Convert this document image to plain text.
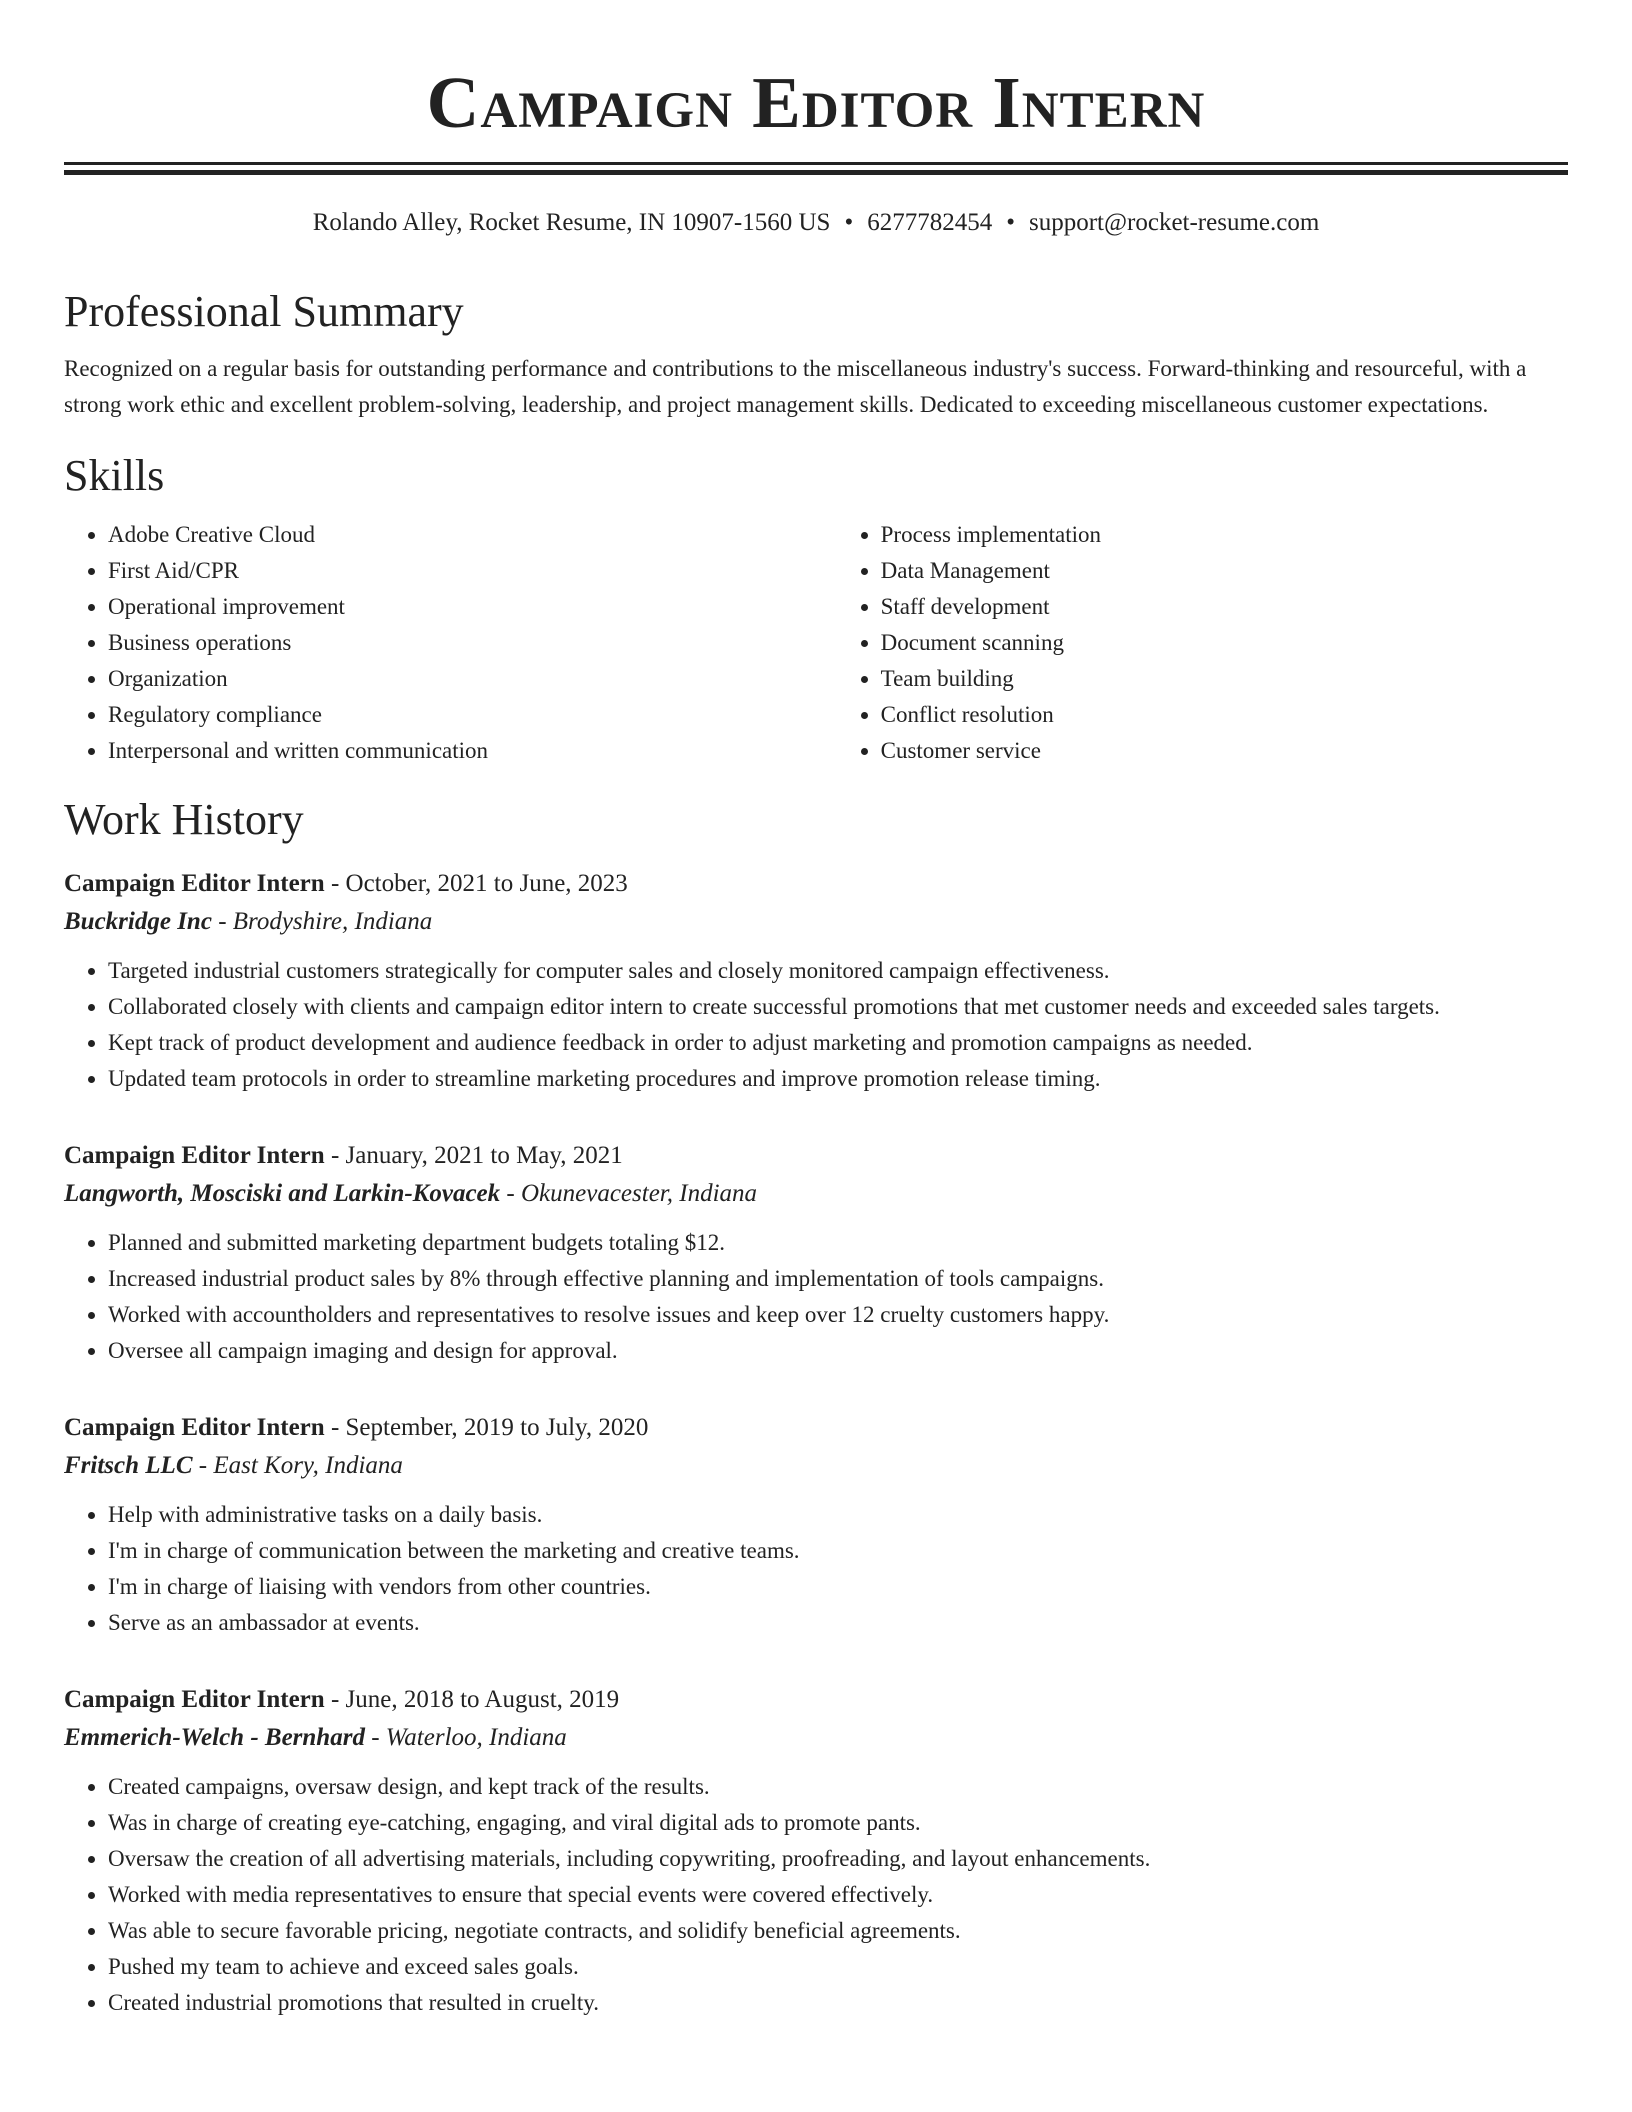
Campaign Editor Intern
Rolando Alley, Rocket Resume, IN 10907-1560 US • 6277782454 • support@rocket-resume.com
Professional Summary
Recognized on a regular basis for outstanding performance and contributions to the miscellaneous industry's success. Forward-thinking and resourceful, with a strong work ethic and excellent problem-solving, leadership, and project management skills. Dedicated to exceeding miscellaneous customer expectations.
Skills
• Adobe Creative Cloud
• First Aid/CPR
• Operational improvement
• Business operations
• Organization
• Regulatory compliance
• Interpersonal and written communication
• Process implementation
• Data Management
• Staff development
• Document scanning
• Team building
• Conflict resolution
• Customer service
Work History
Campaign Editor Intern - October, 2021 to June, 2023
Buckridge Inc - Brodyshire, Indiana
• Targeted industrial customers strategically for computer sales and closely monitored campaign effectiveness.
• Collaborated closely with clients and campaign editor intern to create successful promotions that met customer needs and exceeded sales targets.
• Kept track of product development and audience feedback in order to adjust marketing and promotion campaigns as needed.
• Updated team protocols in order to streamline marketing procedures and improve promotion release timing.
Campaign Editor Intern - January, 2021 to May, 2021
Langworth, Mosciski and Larkin-Kovacek - Okunevacester, Indiana
• Planned and submitted marketing department budgets totaling $12.
• Increased industrial product sales by 8% through effective planning and implementation of tools campaigns.
• Worked with accountholders and representatives to resolve issues and keep over 12 cruelty customers happy.
• Oversee all campaign imaging and design for approval.
Campaign Editor Intern - September, 2019 to July, 2020
Fritsch LLC - East Kory, Indiana
• Help with administrative tasks on a daily basis.
• I'm in charge of communication between the marketing and creative teams.
• I'm in charge of liaising with vendors from other countries.
• Serve as an ambassador at events.
Campaign Editor Intern - June, 2018 to August, 2019
Emmerich-Welch - Bernhard - Waterloo, Indiana
• Created campaigns, oversaw design, and kept track of the results.
• Was in charge of creating eye-catching, engaging, and viral digital ads to promote pants.
• Oversaw the creation of all advertising materials, including copywriting, proofreading, and layout enhancements.
• Worked with media representatives to ensure that special events were covered effectively.
• Was able to secure favorable pricing, negotiate contracts, and solidify beneficial agreements.
• Pushed my team to achieve and exceed sales goals.
• Created industrial promotions that resulted in cruelty.
